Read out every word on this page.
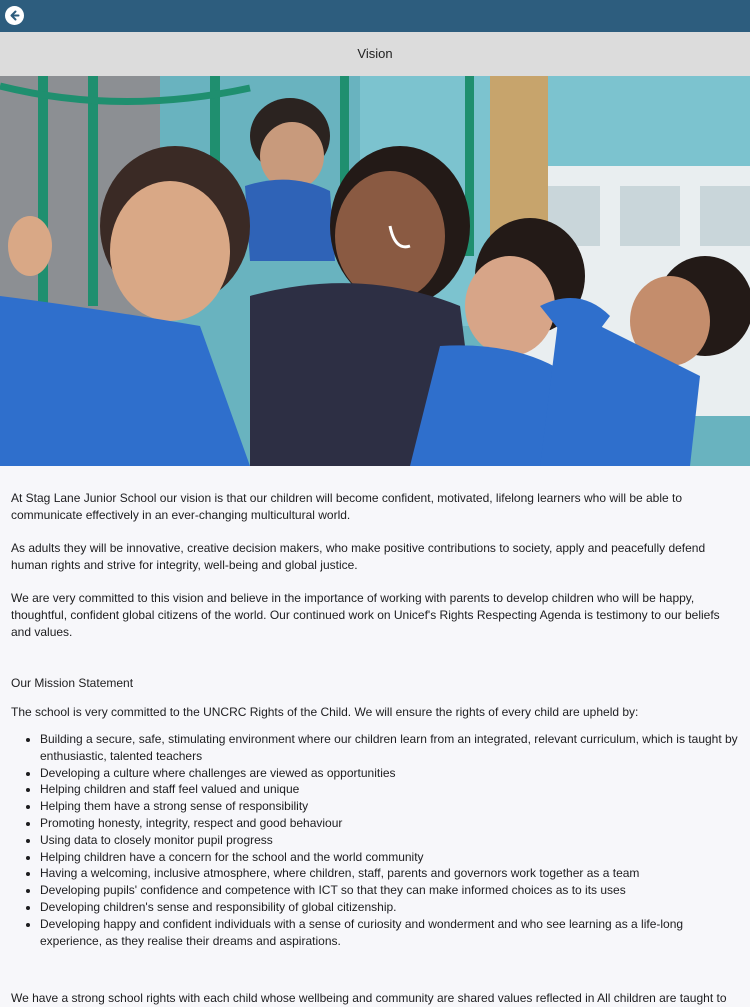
Vision

At Stag Lane Junior School our vision is that our children will become confident, motivated, lifelong learners who will be able to communicate effectively in an ever-changing multicultural world.

As adults they will be innovative, creative decision makers, who make positive contributions to society, apply and peacefully defend human rights and strive for integrity, well-being and global justice.

We are very committed to this vision and believe in the importance of working with parents to develop children who will be happy, thoughtful, confident global citizens of the world. Our continued work on Unicef's Rights Respecting Agenda is testimony to our beliefs and values.

Our Mission Statement

The school is very committed to the UNCRC Rights of the Child. We will ensure the rights of every child are upheld by:

• Building a secure, safe, stimulating environment where our children learn from an integrated, relevant curriculum, which is taught by enthusiastic, talented teachers
• Developing a culture where challenges are viewed as opportunities
• Helping children and staff feel valued and unique
• Helping them have a strong sense of responsibility
• Promoting honesty, integrity, respect and good behaviour
• Using data to closely monitor pupil progress
• Helping children have a concern for the school and the world community
• Having a welcoming, inclusive atmosphere, where children, staff, parents and governors work together as a team
• Developing pupils' confidence and competence with ICT so that they can make informed choices as to its uses
• Developing children's sense and responsibility of global citizenship.
• Developing happy and confident individuals with a sense of curiosity and wonderment and who see learning as a life-long experience, as they realise their dreams and aspirations.
We have a strong school rights with each child whose wellbeing and community are shared values reflected in All children are taught to
